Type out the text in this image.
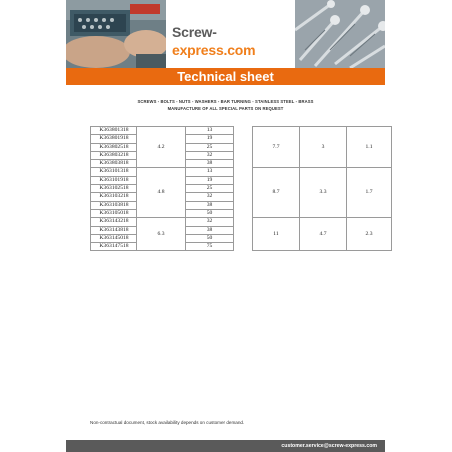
Screw-express.com
Technical sheet
SCREWS - BOLTS - NUTS - WASHERS - BAR TURNING - STAINLESS STEEL - BRASS
MANUFACTURE OF ALL SPECIAL PARTS ON REQUEST
K363801318	4.2	13		7.7	3	1.1
K363801918		19				
K363802518		25				
K363803218		32				
K363803818		38				
K363101318	4.8	13		8.7	3.3	1.7
K363101918		19				
K363102518		25				
K363103218		32				
K363103818		38				
K363105018		50				
K363143218	6.3	32		11	4.7	2.3
K363143818		38				
K363145018		50				
K363147518		75				
Non-contractual document, stock availability depends on customer demand.
customer.service@screw-express.com
